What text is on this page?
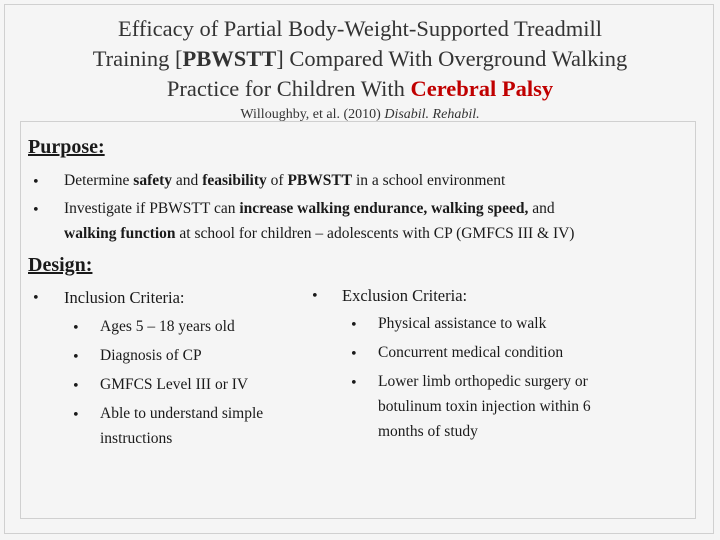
Efficacy of Partial Body-Weight-Supported Treadmill
Training [PBWSTT] Compared With Overground Walking
Practice for Children With Cerebral Palsy
Willoughby, et al. (2010) Disabil. Rehabil.
Purpose:
• Determine safety and feasibility of PBWSTT in a school environment
• Investigate if PBWSTT can increase walking endurance, walking speed, and
walking function at school for children – adolescents with CP (GMFCS III & IV)
Design:
• Inclusion Criteria:
• Ages 5 – 18 years old
• Diagnosis of CP
• GMFCS Level III or IV
• Able to understand simple
instructions
• Exclusion Criteria:
• Physical assistance to walk
• Concurrent medical condition
• Lower limb orthopedic surgery or
botulinum toxin injection within 6
months of study
